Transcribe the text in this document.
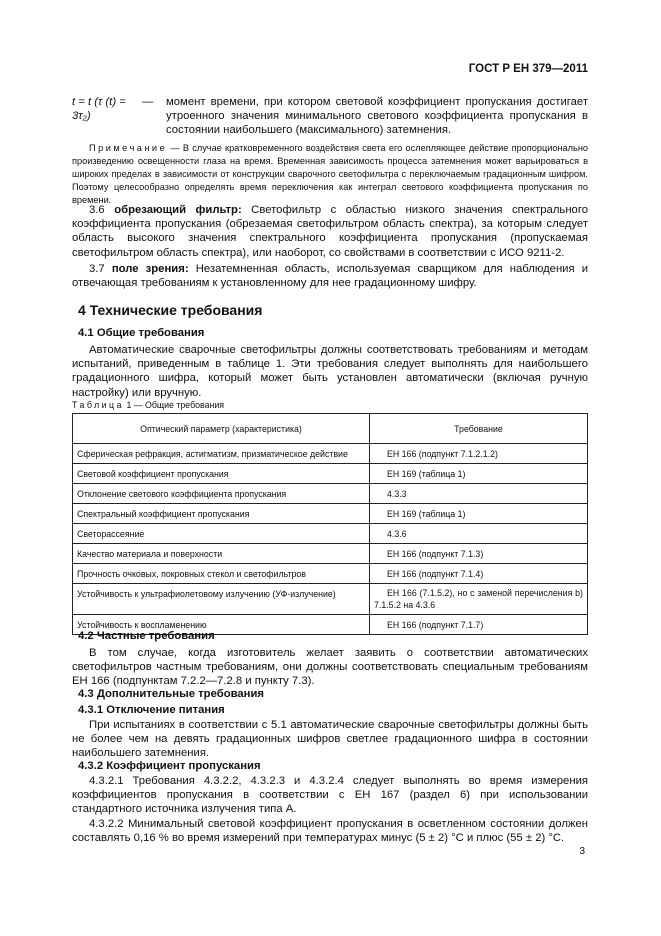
ГОСТ Р ЕН 379—2011
t = t (τ (t) = 3τ₂)
—	момент времени, при котором световой коэффициент пропускания достигает утроенного значения минимального светового коэффициента пропускания в состоянии наибольшего (максимального) затемнения.

Примечание — В случае кратковременного воздействия света его ослепляющее действие пропорционально произведению освещенности глаза на время. Временная зависимость процесса затемнения может варьироваться в широких пределах в зависимости от конструкции сварочного светофильтра с переключаемым градационным шифром. Поэтому целесообразно определять время переключения как интеграл светового коэффициента пропускания по времени.

3.6 обрезающий фильтр: Светофильтр с областью низкого значения спектрального коэффициента пропускания (обрезаемая светофильтром область спектра), за которым следует область высокого значения спектрального коэффициента пропускания (пропускаемая светофильтром область спектра), или наоборот, со свойствами в соответствии с ИСО 9211-2.

3.7 поле зрения: Незатемненная область, используемая сварщиком для наблюдения и отвечающая требованиям к установленному для нее градационному шифру.

4 Технические требования
4.1 Общие требования

Автоматические сварочные светофильтры должны соответствовать требованиям и методам испытаний, приведенным в таблице 1. Эти требования следует выполнять для наибольшего градационного шифра, который может быть установлен автоматически (включая ручную настройку) или вручную.

Таблица 1 — Общие требования
Оптический параметр (характеристика)	Требование
Сферическая рефракция, астигматизм, призматическое действие	ЕН 166 (подпункт 7.1.2.1.2)
Световой коэффициент пропускания	ЕН 169 (таблица 1)
Отклонение светового коэффициента пропускания	4.3.3
Спектральный коэффициент пропускания	ЕН 169 (таблица 1)
Светорассеяние	4.3.6
Качество материала и поверхности	ЕН 166 (подпункт 7.1.3)
Прочность очковых, покровных стекол и светофильтров	ЕН 166 (подпункт 7.1.4)
Устойчивость к ультрафиолетовому излучению (УФ-излучение)	ЕН 166 (7.1.5.2), но с заменой перечисления b) 7.1.5.2 на 4.3.6
Устойчивость к воспламенению	ЕН 166 (подпункт 7.1.7)
4.2 Частные требования

В том случае, когда изготовитель желает заявить о соответствии автоматических светофильтров частным требованиям, они должны соответствовать специальным требованиям ЕН 166 (подпунктам 7.2.2—7.2.8 и пункту 7.3).

4.3 Дополнительные требования
4.3.1 Отключение питания

При испытаниях в соответствии с 5.1 автоматические сварочные светофильтры должны быть не более чем на девять градационных шифров светлее градационного шифра в состоянии наибольшего затемнения.

4.3.2 Коэффициент пропускания

4.3.2.1 Требования 4.3.2.2, 4.3.2.3 и 4.3.2.4 следует выполнять во время измерения коэффициентов пропускания в соответствии с ЕН 167 (раздел 6) при использовании стандартного источника излучения типа А.

4.3.2.2 Минимальный световой коэффициент пропускания в осветленном состоянии должен составлять 0,16 % во время измерений при температурах минус (5 ± 2) °С и плюс (55 ± 2) °С.

3
